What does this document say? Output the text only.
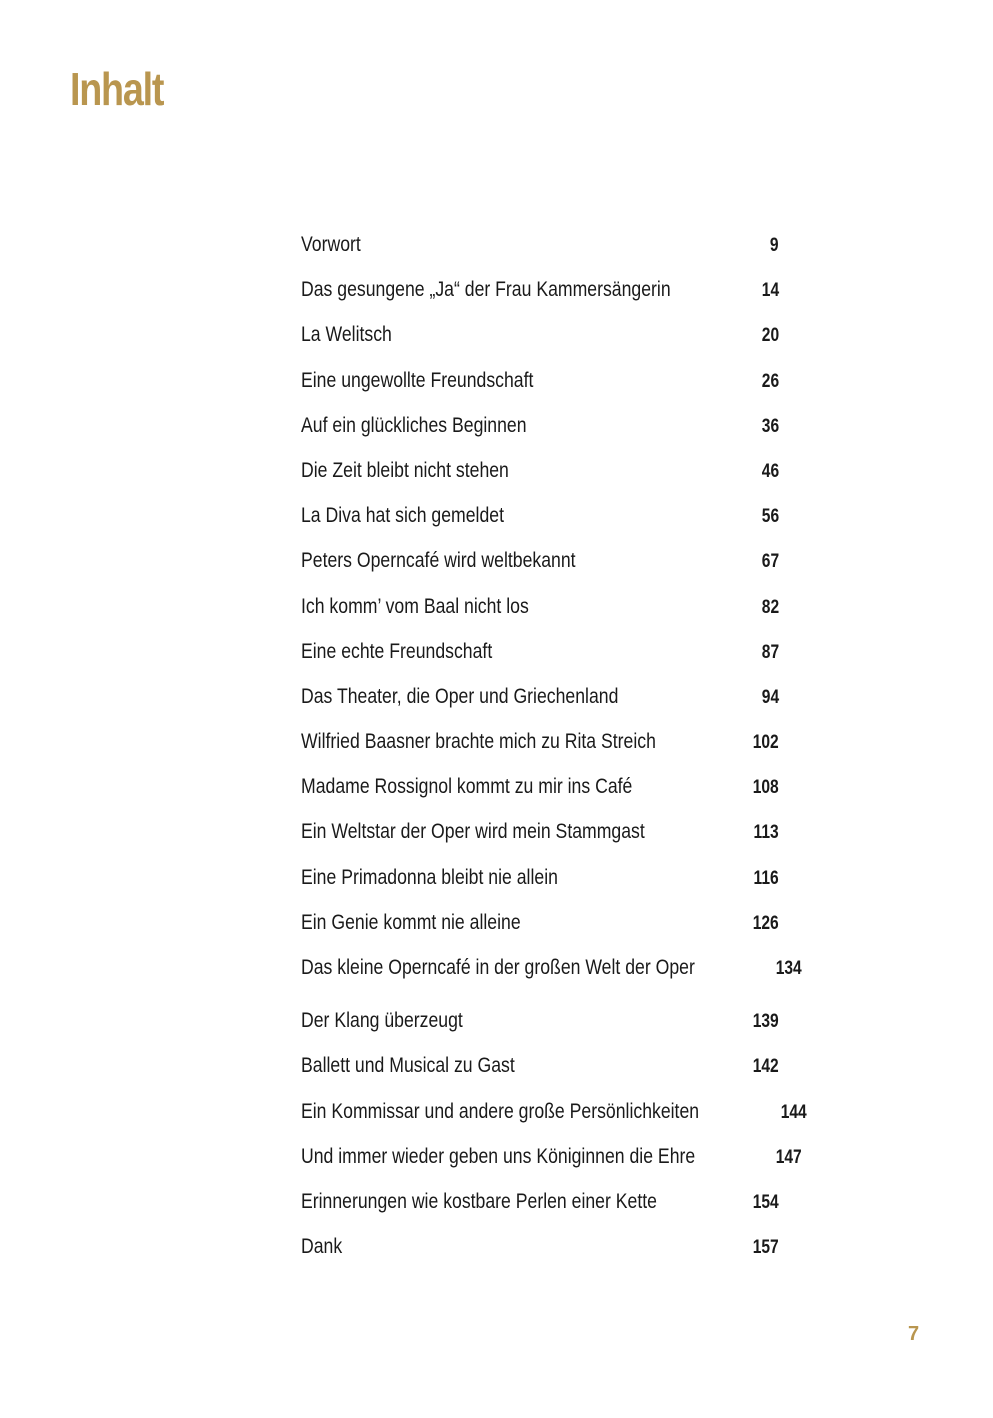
Inhalt
Vorwort	9
Das gesungene „Ja“ der Frau Kammersängerin	14
La Welitsch	20
Eine ungewollte Freundschaft	26
Auf ein glückliches Beginnen	36
Die Zeit bleibt nicht stehen	46
La Diva hat sich gemeldet	56
Peters Operncafé wird weltbekannt	67
Ich komm’ vom Baal nicht los	82
Eine echte Freundschaft	87
Das Theater, die Oper und Griechenland	94
Wilfried Baasner brachte mich zu Rita Streich	102
Madame Rossignol kommt zu mir ins Café	108
Ein Weltstar der Oper wird mein Stammgast	113
Eine Primadonna bleibt nie allein	116
Ein Genie kommt nie alleine	126
Das kleine Operncafé in der großen Welt der Oper	134
Der Klang überzeugt	139
Ballett und Musical zu Gast	142
Ein Kommissar und andere große Persönlichkeiten	144
Und immer wieder geben uns Königinnen die Ehre	147
Erinnerungen wie kostbare Perlen einer Kette	154
Dank	157
7
